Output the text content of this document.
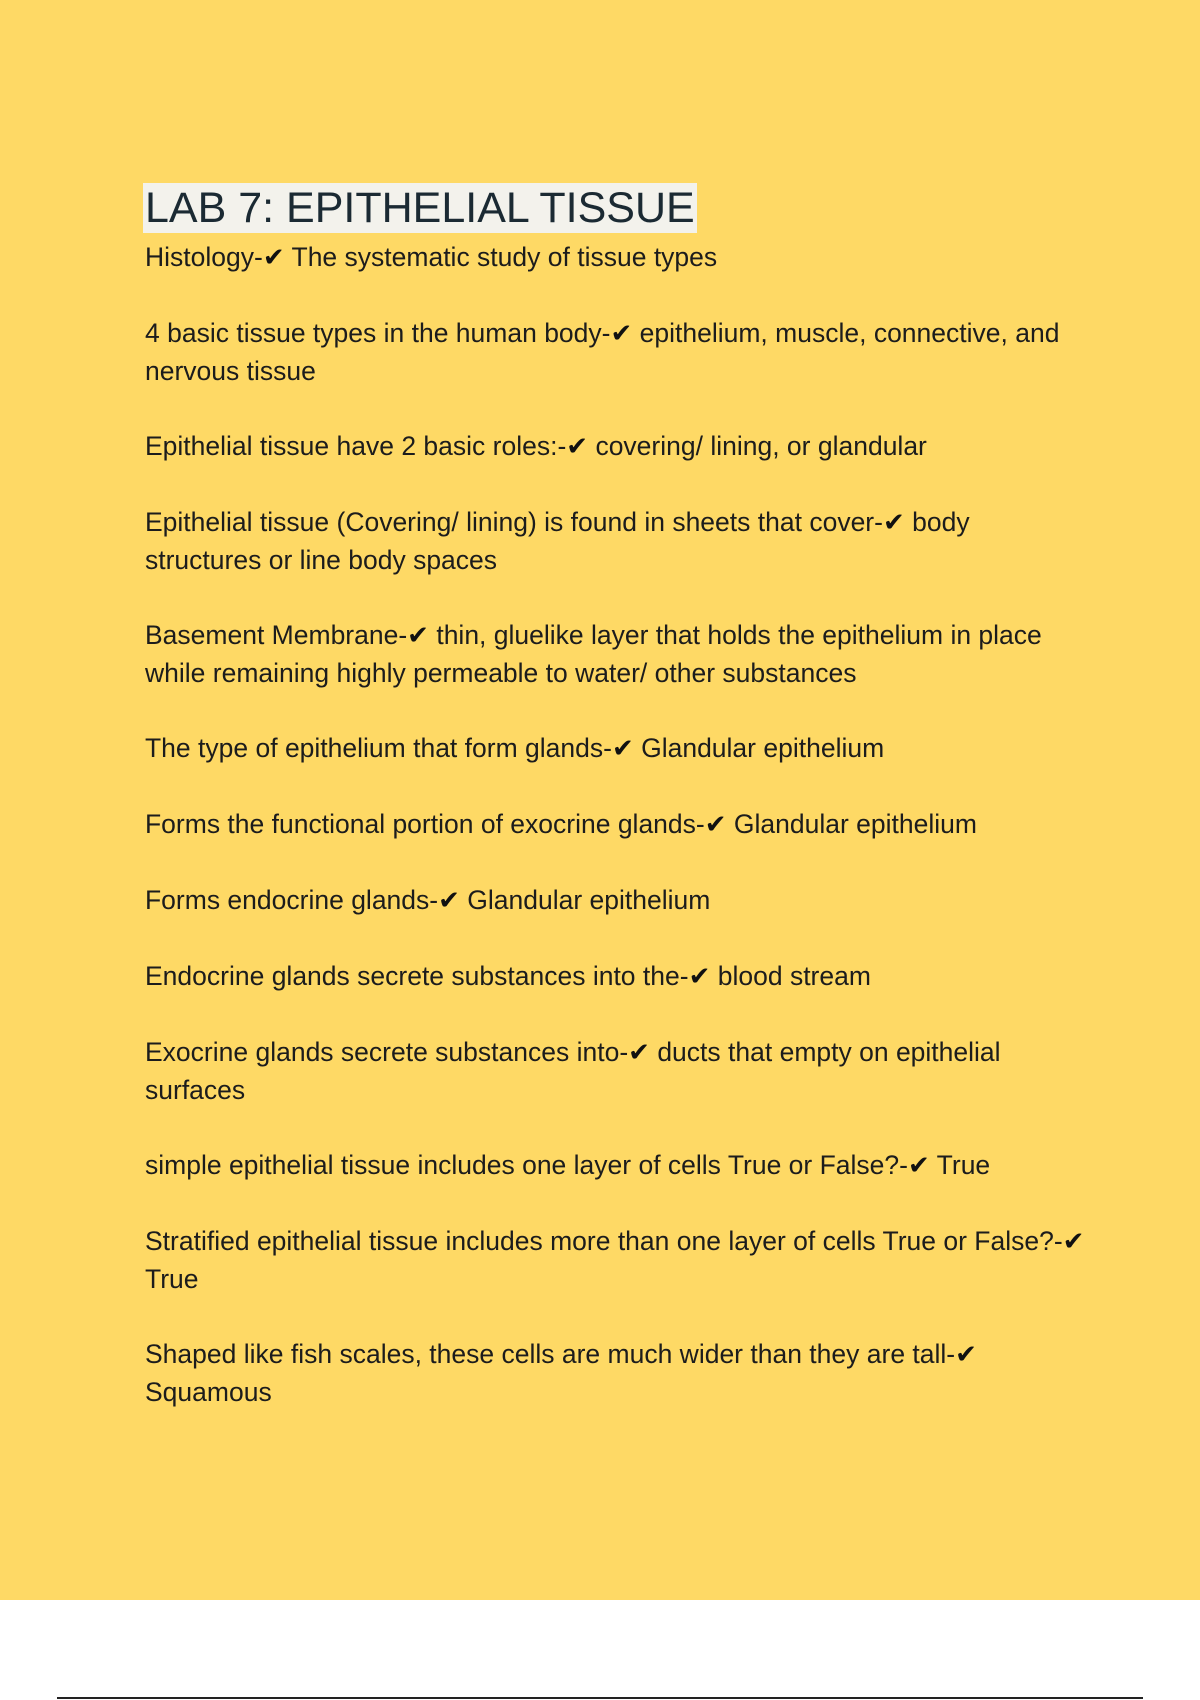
LAB 7: EPITHELIAL TISSUE
Histology-✔ The systematic study of tissue types
4 basic tissue types in the human body-✔ epithelium, muscle, connective, and nervous tissue
Epithelial tissue have 2 basic roles:-✔ covering/ lining, or glandular
Epithelial tissue (Covering/ lining) is found in sheets that cover-✔ body structures or line body spaces
Basement Membrane-✔ thin, gluelike layer that holds the epithelium in place while remaining highly permeable to water/ other substances
The type of epithelium that form glands-✔ Glandular epithelium
Forms the functional portion of exocrine glands-✔ Glandular epithelium
Forms endocrine glands-✔ Glandular epithelium
Endocrine glands secrete substances into the-✔ blood stream
Exocrine glands secrete substances into-✔ ducts that empty on epithelial surfaces
simple epithelial tissue includes one layer of cells True or False?-✔ True
Stratified epithelial tissue includes more than one layer of cells True or False?-✔ True
Shaped like fish scales, these cells are much wider than they are tall-✔ Squamous
